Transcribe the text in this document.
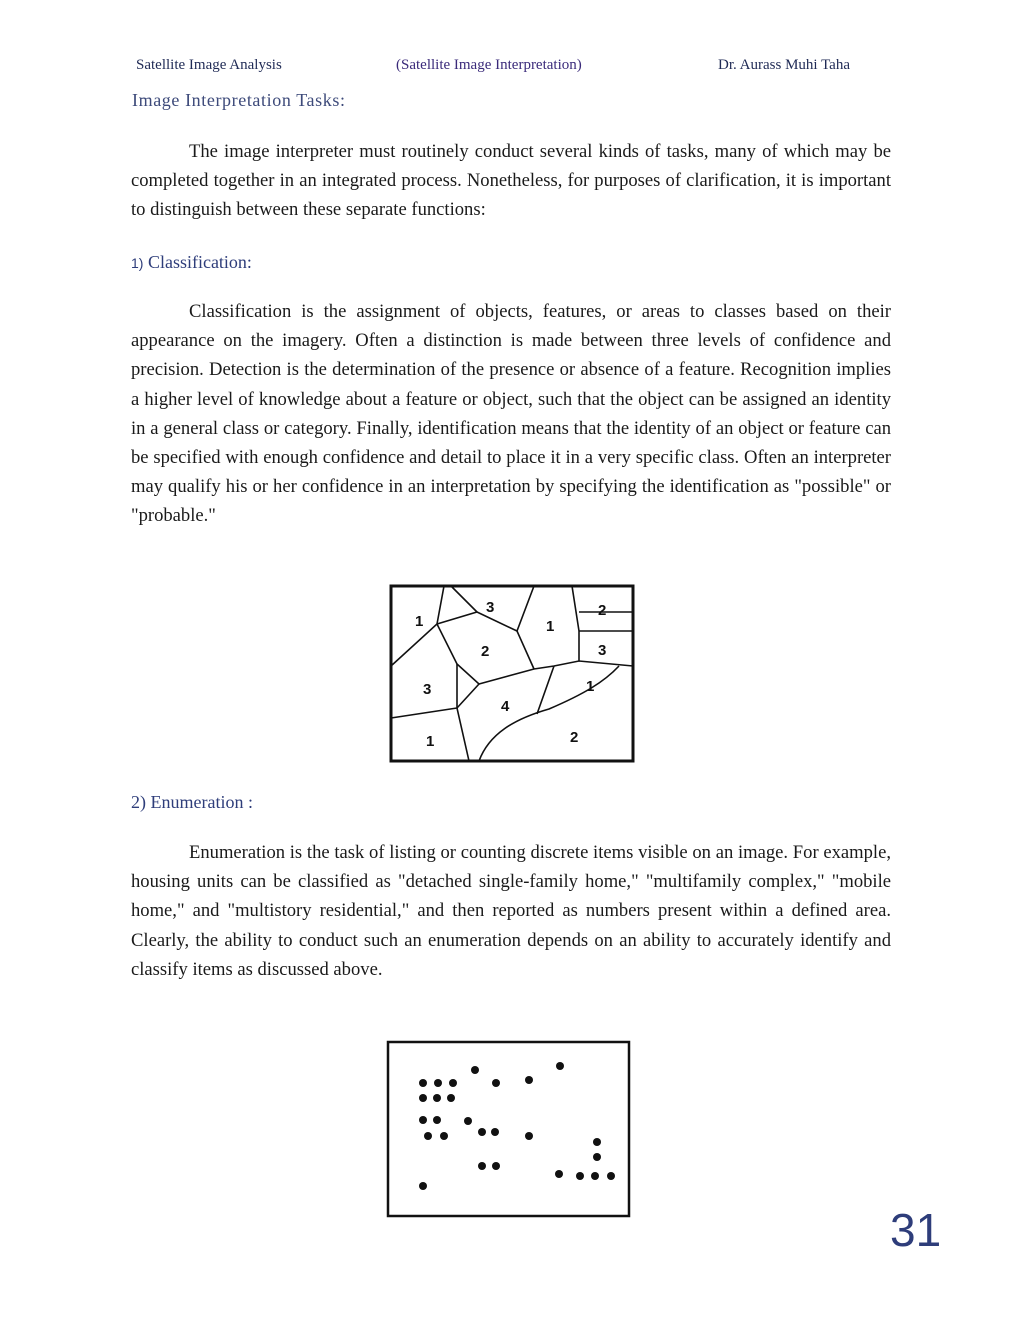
Satellite Image Analysis	(Satellite Image Interpretation)	Dr. Aurass Muhi Taha
Image Interpretation Tasks:

The image interpreter must routinely conduct several kinds of tasks, many of which may be completed together in an integrated process. Nonetheless, for purposes of clarification, it is important to distinguish between these separate functions:

1) Classification:

Classification is the assignment of objects, features, or areas to classes based on their appearance on the imagery. Often a distinction is made between three levels of confidence and precision. Detection is the determination of the presence or absence of a feature. Recognition implies a higher level of knowledge about a feature or object, such that the object can be assigned an identity in a general class or category. Finally, identification means that the identity of an object or feature can be specified with enough confidence and detail to place it in a very specific class. Often an interpreter may qualify his or her confidence in an interpretation by specifying the identification as "possible" or "probable."

1
3
1
2
2	3
3
4
1
1	2
2) Enumeration :

Enumeration is the task of listing or counting discrete items visible on an image. For example, housing units can be classified as "detached single-family home," "multifamily complex," "mobile home," and "multistory residential," and then reported as numbers present within a defined area. Clearly, the ability to conduct such an enumeration depends on an ability to accurately identify and classify items as discussed above.

31
